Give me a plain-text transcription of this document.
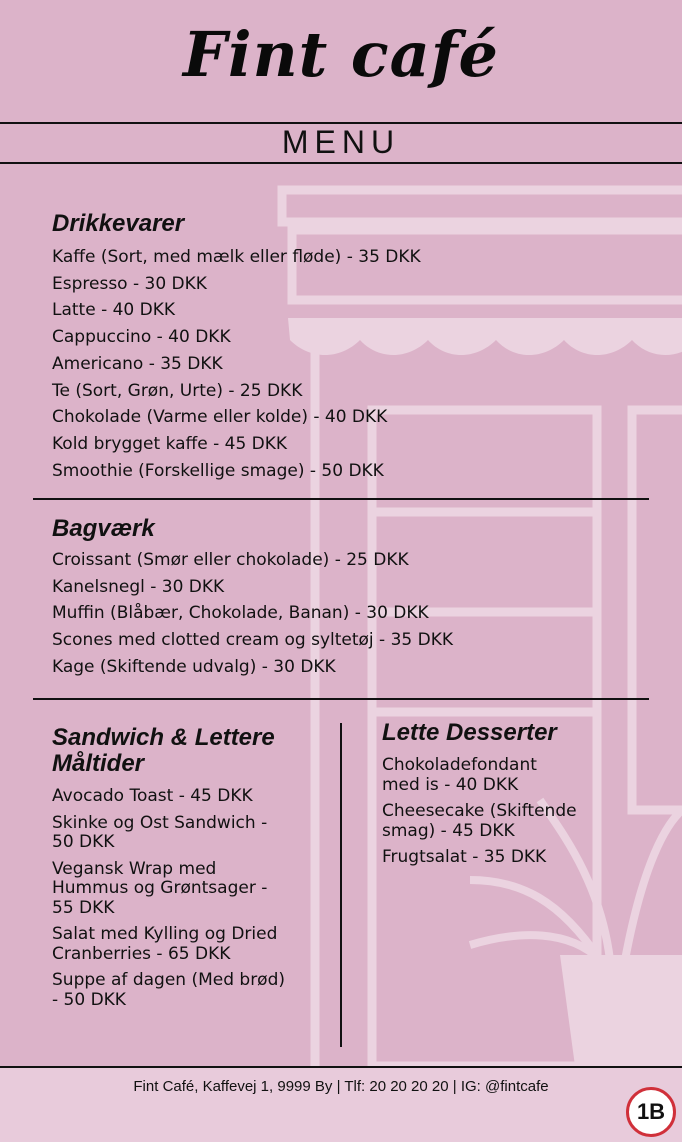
Fint café
MENU
Drikkevarer
Kaffe (Sort, med mælk eller fløde) - 35 DKK
Espresso - 30 DKK
Latte - 40 DKK
Cappuccino - 40 DKK
Americano - 35 DKK
Te (Sort, Grøn, Urte) - 25 DKK
Chokolade (Varme eller kolde) - 40 DKK
Kold brygget kaffe - 45 DKK
Smoothie (Forskellige smage) - 50 DKK
Bagværk
Croissant (Smør eller chokolade) - 25 DKK
Kanelsnegl - 30 DKK
Muffin (Blåbær, Chokolade, Banan) - 30 DKK
Scones med clotted cream og syltetøj - 35 DKK
Kage (Skiftende udvalg) - 30 DKK
Sandwich & Lettere Måltider
Avocado Toast - 45 DKK
Skinke og Ost Sandwich - 50 DKK
Vegansk Wrap med Hummus og Grøntsager - 55 DKK
Salat med Kylling og Dried Cranberries - 65 DKK
Suppe af dagen (Med brød) - 50 DKK
Lette Desserter
Chokoladefondant med is - 40 DKK
Cheesecake (Skiftende smag) - 45 DKK
Frugtsalat - 35 DKK
Fint Café, Kaffevej 1, 9999 By | Tlf: 20 20 20 20 | IG: @fintcafe
1B
